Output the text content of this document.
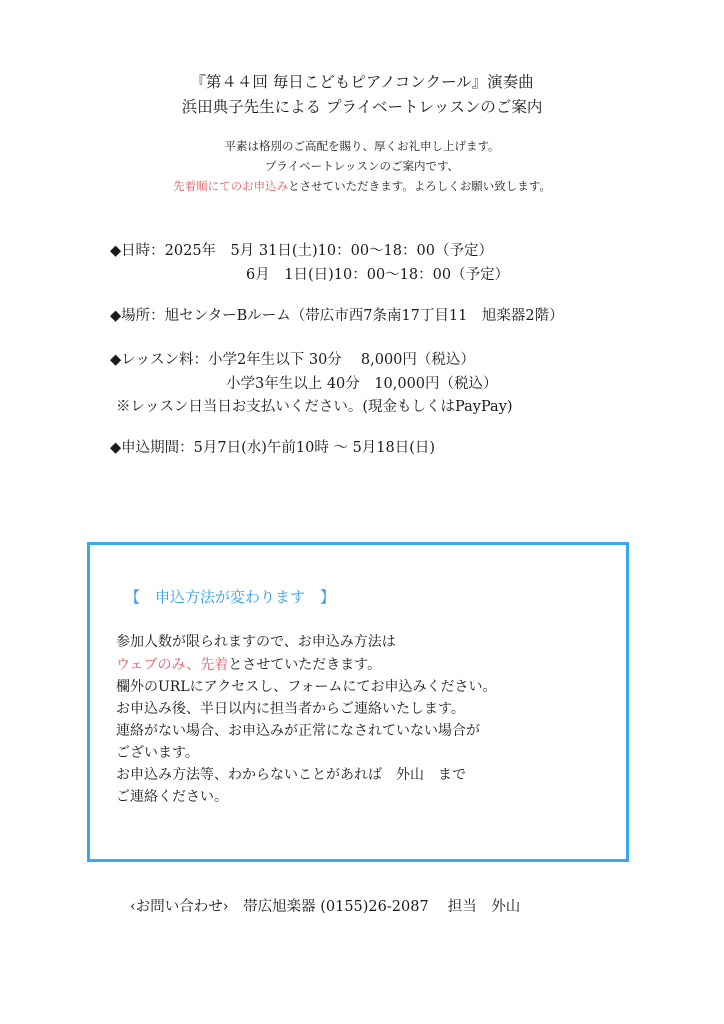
『第４４回 毎日こどもピアノコンクール』演奏曲
浜田典子先生による プライベートレッスンのご案内
平素は格別のご高配を賜り、厚くお礼申し上げます。
プライベートレッスンのご案内です、
先着順にてのお申込みとさせていただきます。よろしくお願い致します。
◆日時：2025年　5月 31日(土)10：00〜18：00（予定）
6月　1日(日)10：00〜18：00（予定）
◆場所：旭センターBルーム（帯広市西7条南17丁目11　旭楽器2階）
◆レッスン料：小学2年生以下 30分　 8,000円（税込）
小学3年生以上 40分　10,000円（税込）
※レッスン日当日お支払いください。(現金もしくはPayPay)
◆申込期間：5月7日(水)午前10時 〜 5月18日(日)
【　申込方法が変わります　】
参加人数が限られますので、お申込み方法は
ウェブのみ、先着とさせていただきます。
欄外のURLにアクセスし、フォームにてお申込みください。
お申込み後、半日以内に担当者からご連絡いたします。
連絡がない場合、お申込みが正常になされていない場合が
ございます。
お申込み方法等、わからないことがあれば　外山　まで
ご連絡ください。
‹お問い合わせ›　帯広旭楽器 (0155)26-2087　 担当　外山
